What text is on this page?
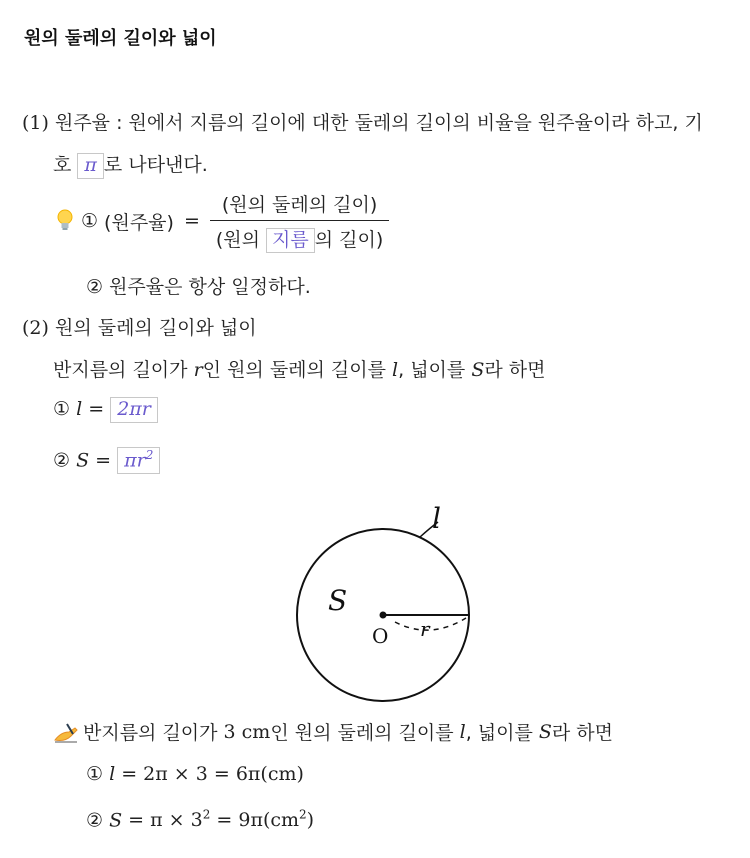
원의 둘레의 길이와 넓이
(1) 원주율 : 원에서 지름의 길이에 대한 둘레의 길이의 비율을 원주율이라 하고, 기
호 π 로 나타낸다.
① (원주율) = $\frac{\text{(원의 둘레의 길이)}}{\text{(원의 지름 의 길이)}}$
② 원주율은 항상 일정하다.
(2) 원의 둘레의 길이와 넓이
반지름의 길이가 r인 원의 둘레의 길이를 l, 넓이를 S라 하면
① l = 2πr
② $S = \pi r^2$
l
S
O r
반지름의 길이가 3 cm 인 원의 둘레의 길이를 l , 넓이를 S 라 하면
① l = 2π × 3 = 6π(cm)
② $S = \pi \times 3^2 = 9\pi(cm^2)$
